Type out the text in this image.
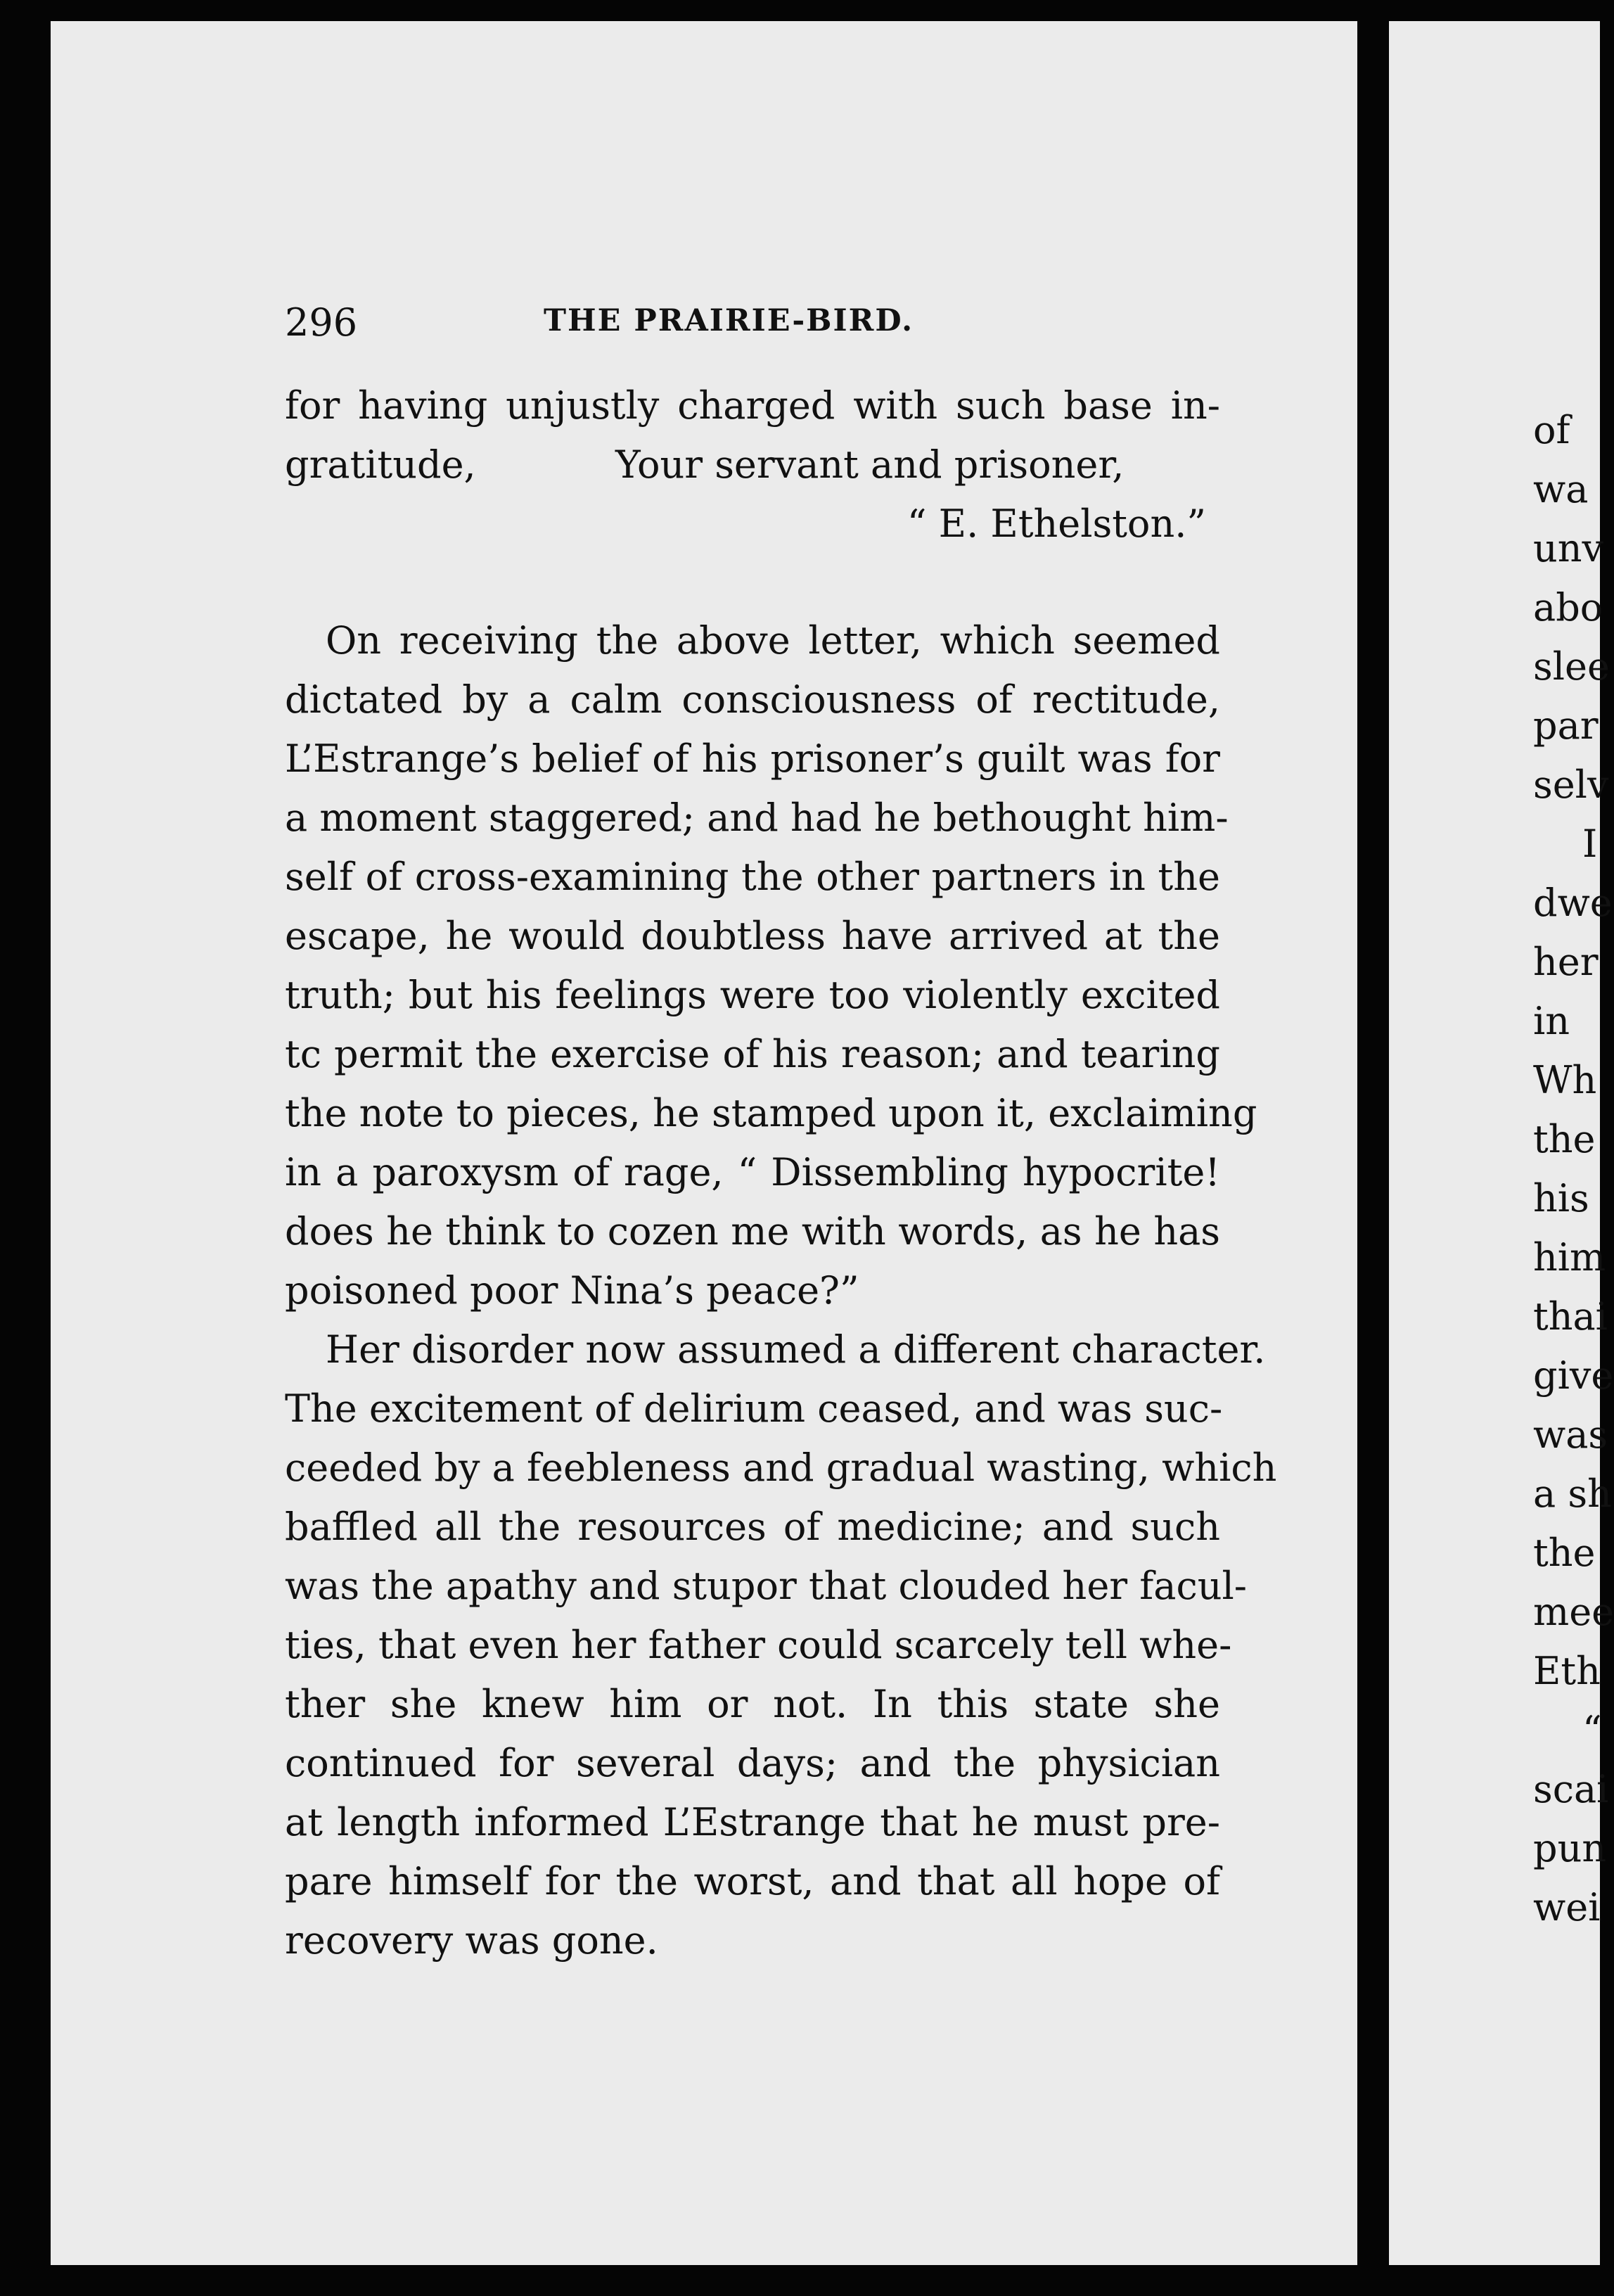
296	THE PRAIRIE-BIRD.
for having unjustly charged with such base in-
gratitude,	Your servant and prisoner,
“ E. Ethelston.”
On receiving the above letter, which seemed
dictated by a calm consciousness of rectitude,
L’Estrange’s belief of his prisoner’s guilt was for
a moment staggered; and had he bethought him-
self of cross-examining the other partners in the
escape, he would doubtless have arrived at the
truth; but his feelings were too violently excited
tc permit the exercise of his reason; and tearing
the note to pieces, he stamped upon it, exclaiming
in a paroxysm of rage, “ Dissembling hypocrite!
does he think to cozen me with words, as he has
poisoned poor Nina’s peace?”
Her disorder now assumed a different character.
The excitement of delirium ceased, and was suc-
ceeded by a feebleness and gradual wasting, which
baffled all the resources of medicine; and such
was the apathy and stupor that clouded her facul-
ties, that even her father could scarcely tell whe-
ther she knew him or not. In this state she
continued for several days; and the physician
at length informed L’Estrange that he must pre-
pare himself for the worst, and that all hope of
recovery was gone.
of
wa
unv
abo
slee
par
selv
I
dwe
her
in
Wh
the
his
him
thai
give
was
a sh
the
mee
Eth
“
scai
pun
wei
